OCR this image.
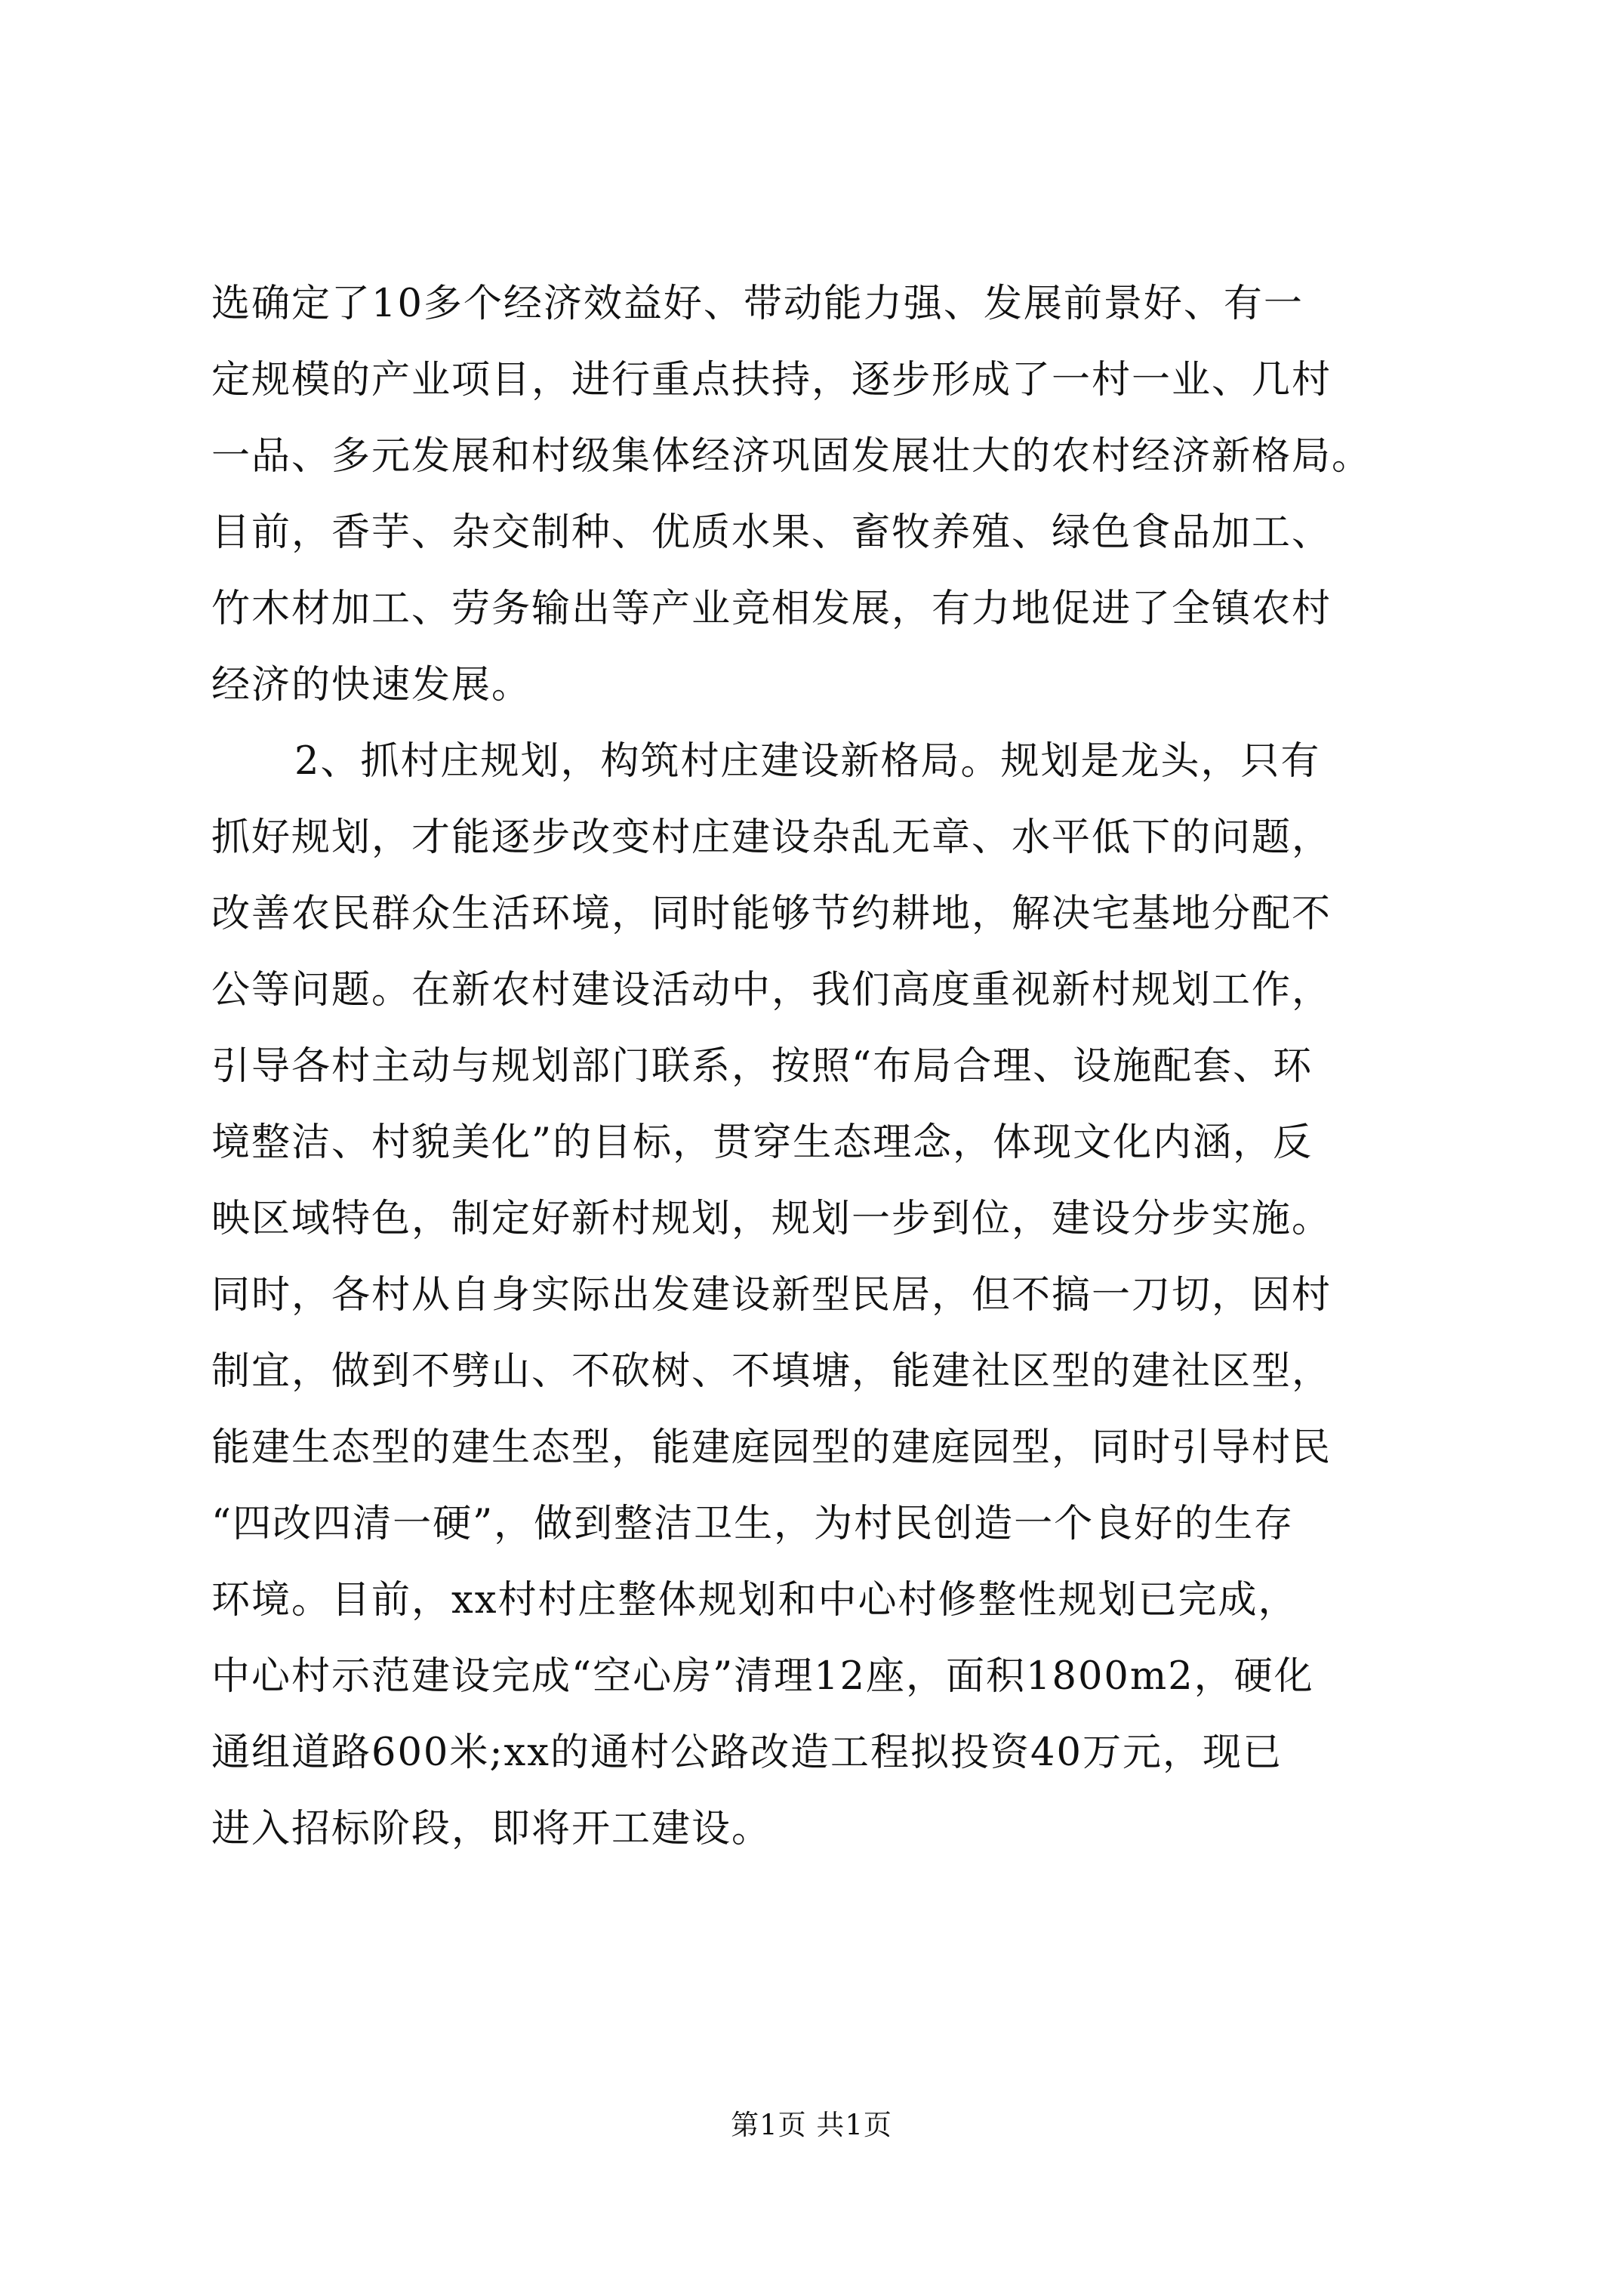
选确定了10多个经济效益好、带动能力强、发展前景好、有一
定规模的产业项目，进行重点扶持，逐步形成了一村一业、几村
一品、多元发展和村级集体经济巩固发展壮大的农村经济新格局。
目前，香芋、杂交制种、优质水果、畜牧养殖、绿色食品加工、
竹木材加工、劳务输出等产业竞相发展，有力地促进了全镇农村
经济的快速发展。
2、抓村庄规划，构筑村庄建设新格局。规划是龙头，只有
抓好规划，才能逐步改变村庄建设杂乱无章、水平低下的问题，
改善农民群众生活环境，同时能够节约耕地，解决宅基地分配不
公等问题。在新农村建设活动中，我们高度重视新村规划工作，
引导各村主动与规划部门联系，按照“布局合理、设施配套、环
境整洁、村貌美化”的目标，贯穿生态理念，体现文化内涵，反
映区域特色，制定好新村规划，规划一步到位，建设分步实施。
同时，各村从自身实际出发建设新型民居，但不搞一刀切，因村
制宜，做到不劈山、不砍树、不填塘，能建社区型的建社区型，
能建生态型的建生态型，能建庭园型的建庭园型，同时引导村民
“四改四清一硬”，做到整洁卫生，为村民创造一个良好的生存
环境。目前，xx村村庄整体规划和中心村修整性规划已完成，
中心村示范建设完成“空心房”清理12座，面积1800m2，硬化
通组道路600米;xx的通村公路改造工程拟投资40万元，现已
进入招标阶段，即将开工建设。
第1页 共1页
